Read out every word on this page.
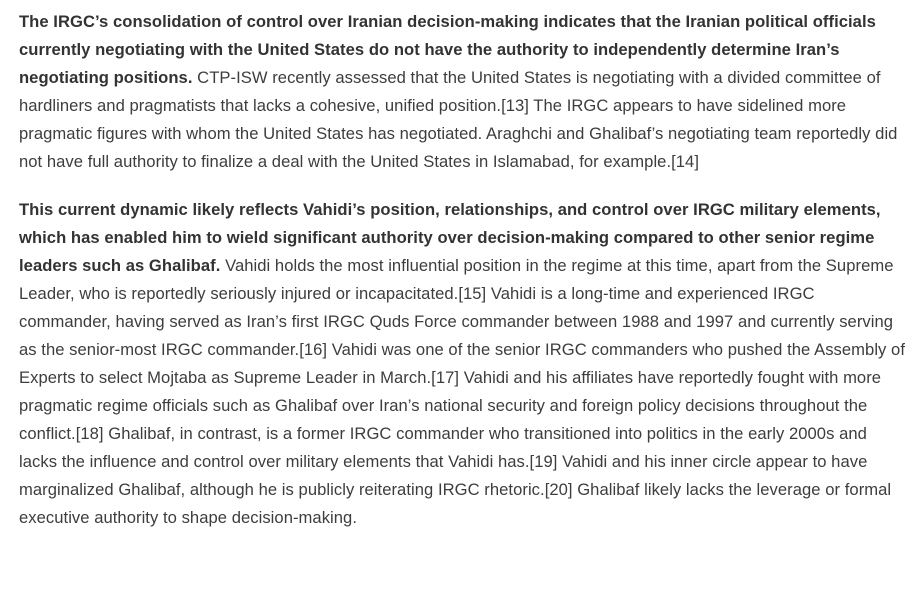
The IRGC’s consolidation of control over Iranian decision-making indicates that the Iranian political officials currently negotiating with the United States do not have the authority to independently determine Iran’s negotiating positions. CTP-ISW recently assessed that the United States is negotiating with a divided committee of hardliners and pragmatists that lacks a cohesive, unified position.[13] The IRGC appears to have sidelined more pragmatic figures with whom the United States has negotiated. Araghchi and Ghalibaf’s negotiating team reportedly did not have full authority to finalize a deal with the United States in Islamabad, for example.[14]

This current dynamic likely reflects Vahidi’s position, relationships, and control over IRGC military elements, which has enabled him to wield significant authority over decision-making compared to other senior regime leaders such as Ghalibaf. Vahidi holds the most influential position in the regime at this time, apart from the Supreme Leader, who is reportedly seriously injured or incapacitated.[15] Vahidi is a long-time and experienced IRGC commander, having served as Iran’s first IRGC Quds Force commander between 1988 and 1997 and currently serving as the senior-most IRGC commander.[16] Vahidi was one of the senior IRGC commanders who pushed the Assembly of Experts to select Mojtaba as Supreme Leader in March.[17] Vahidi and his affiliates have reportedly fought with more pragmatic regime officials such as Ghalibaf over Iran’s national security and foreign policy decisions throughout the conflict.[18] Ghalibaf, in contrast, is a former IRGC commander who transitioned into politics in the early 2000s and lacks the influence and control over military elements that Vahidi has.[19] Vahidi and his inner circle appear to have marginalized Ghalibaf, although he is publicly reiterating IRGC rhetoric.[20] Ghalibaf likely lacks the leverage or formal executive authority to shape decision-making.
